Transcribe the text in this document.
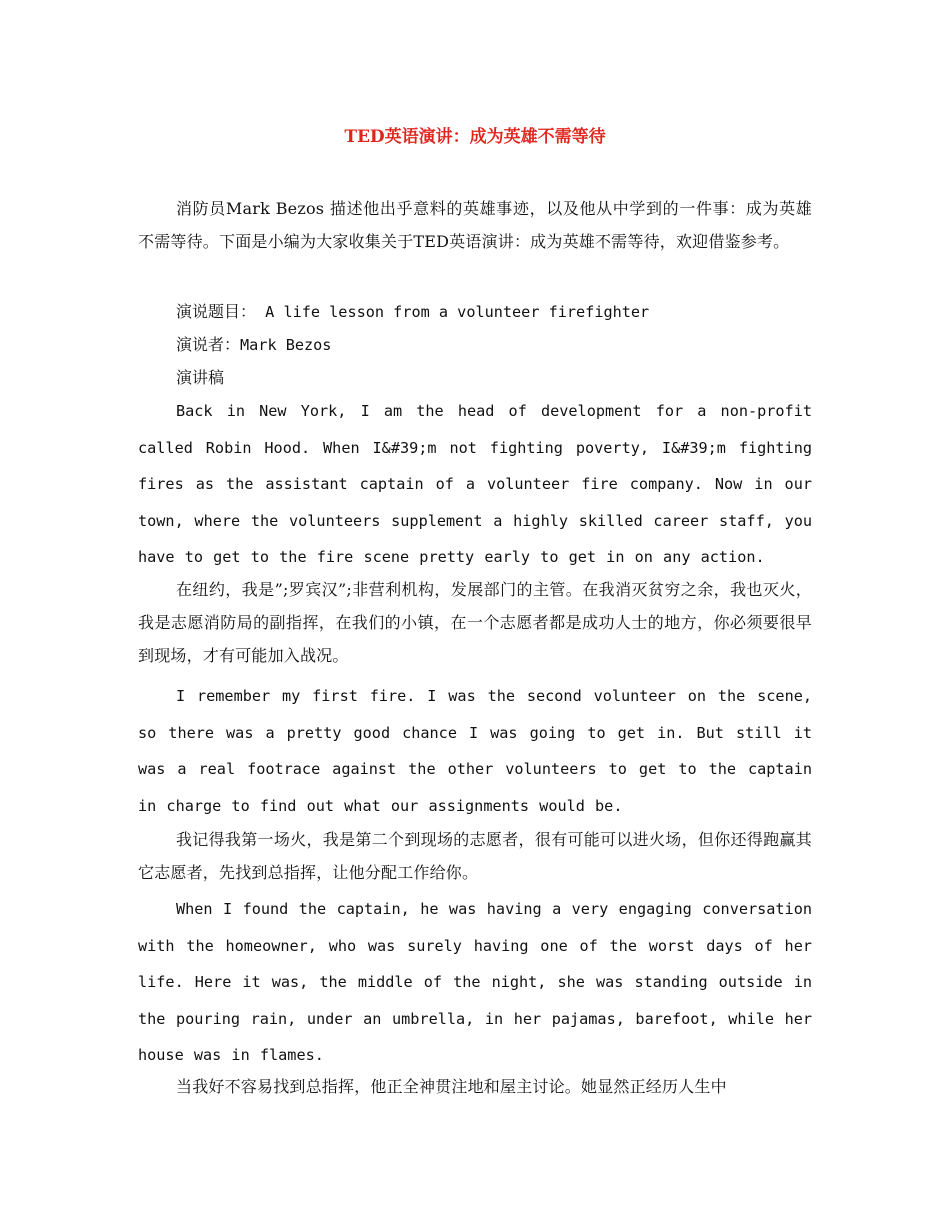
TED英语演讲：成为英雄不需等待

消防员Mark Bezos 描述他出乎意料的英雄事迹，以及他从中学到的一件事：成为英雄不需等待。下面是小编为大家收集关于TED英语演讲：成为英雄不需等待，欢迎借鉴参考。

演说题目： A life lesson from a volunteer firefighter
演说者：Mark Bezos
演讲稿

Back in New York, I am the head of development for a non-profit called Robin Hood. When I&#39;m not fighting poverty, I&#39;m fighting fires as the assistant captain of a volunteer fire company. Now in our town, where the volunteers supplement a highly skilled career staff, you have to get to the fire scene pretty early to get in on any action.

在纽约，我是”;罗宾汉”;非营利机构，发展部门的主管。在我消灭贫穷之余，我也灭火，我是志愿消防局的副指挥，在我们的小镇，在一个志愿者都是成功人士的地方，你必须要很早到现场，才有可能加入战况。

I remember my first fire. I was the second volunteer on the scene, so there was a pretty good chance I was going to get in. But still it was a real footrace against the other volunteers to get to the captain in charge to find out what our assignments would be.

我记得我第一场火，我是第二个到现场的志愿者，很有可能可以进火场，但你还得跑赢其它志愿者，先找到总指挥，让他分配工作给你。

When I found the captain, he was having a very engaging conversation with the homeowner, who was surely having one of the worst days of her life. Here it was, the middle of the night, she was standing outside in the pouring rain, under an umbrella, in her pajamas, barefoot, while her house was in flames.

当我好不容易找到总指挥，他正全神贯注地和屋主讨论。她显然正经历人生中
